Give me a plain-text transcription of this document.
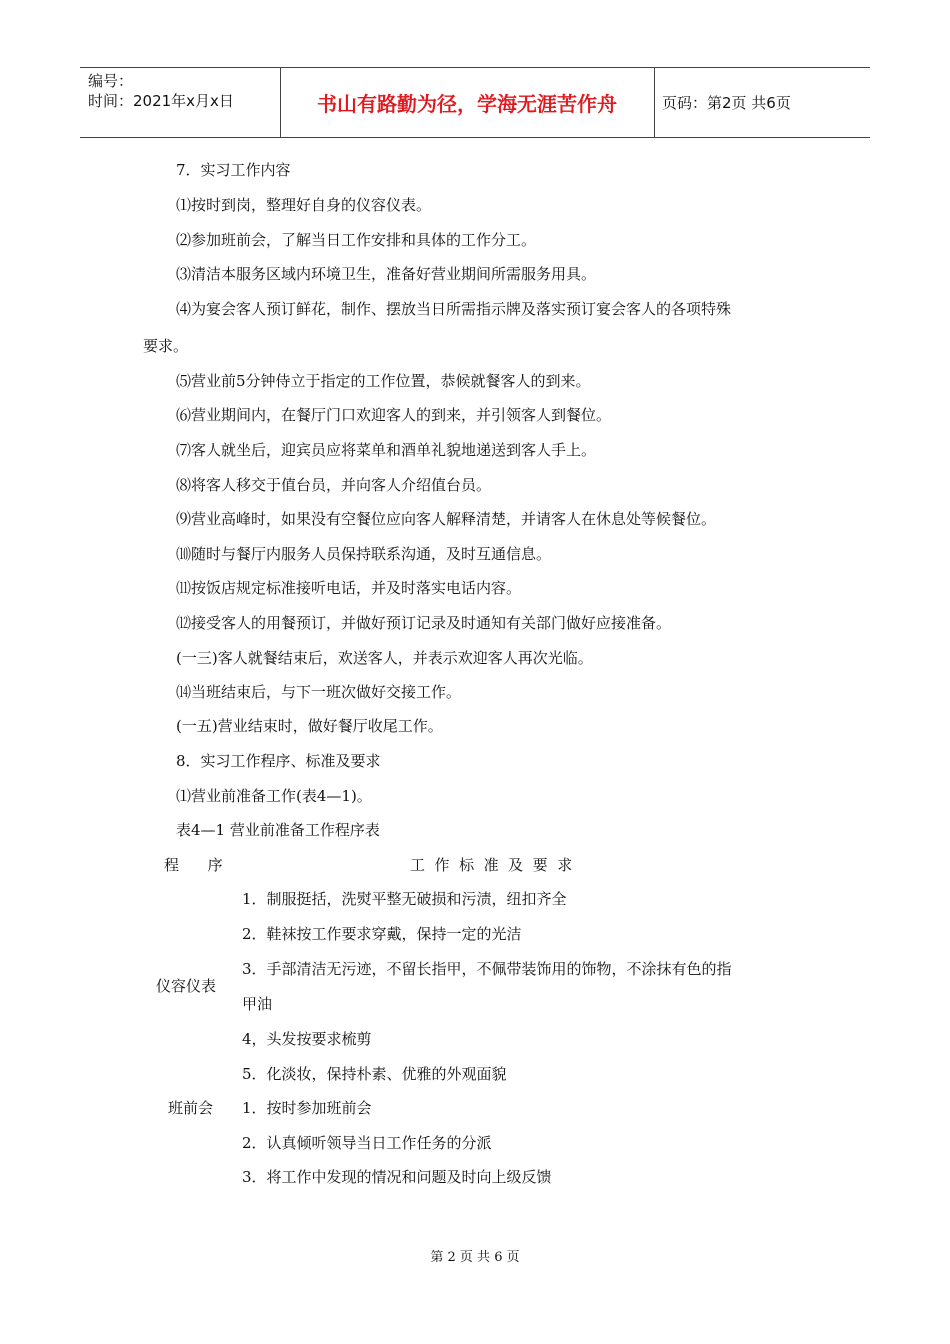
编号：
时间：2021年x月x日	书山有路勤为径，学海无涯苦作舟	页码：第2页 共6页
7．实习工作内容
⑴按时到岗，整理好自身的仪容仪表。
⑵参加班前会，了解当日工作安排和具体的工作分工。
⑶清洁本服务区域内环境卫生，准备好营业期间所需服务用具。
⑷为宴会客人预订鲜花，制作、摆放当日所需指示牌及落实预订宴会客人的各项特殊
要求。
⑸营业前5分钟侍立于指定的工作位置，恭候就餐客人的到来。
⑹营业期间内，在餐厅门口欢迎客人的到来，并引领客人到餐位。
⑺客人就坐后，迎宾员应将菜单和酒单礼貌地递送到客人手上。
⑻将客人移交于值台员，并向客人介绍值台员。
⑼营业高峰时，如果没有空餐位应向客人解释清楚，并请客人在休息处等候餐位。
⑽随时与餐厅内服务人员保持联系沟通，及时互通信息。
⑾按饭店规定标准接听电话，并及时落实电话内容。
⑿接受客人的用餐预订，并做好预订记录及时通知有关部门做好应接准备。
(一三)客人就餐结束后，欢送客人，并表示欢迎客人再次光临。
⒁当班结束后，与下一班次做好交接工作。
(一五)营业结束时，做好餐厅收尾工作。
8．实习工作程序、标准及要求
⑴营业前准备工作(表4—1)。
表4—1 营业前准备工作程序表
程      序	工  作  标  准  及  要  求
仪容仪表
1．制服挺括，洗熨平整无破损和污渍，纽扣齐全
2．鞋袜按工作要求穿戴，保持一定的光洁
3．手部清洁无污迹，不留长指甲，不佩带装饰用的饰物，不涂抹有色的指
甲油
4，头发按要求梳剪
5．化淡妆，保持朴素、优雅的外观面貌
班前会 1．按时参加班前会
2．认真倾听领导当日工作任务的分派
3．将工作中发现的情况和问题及时向上级反馈
第 2 页 共 6 页
